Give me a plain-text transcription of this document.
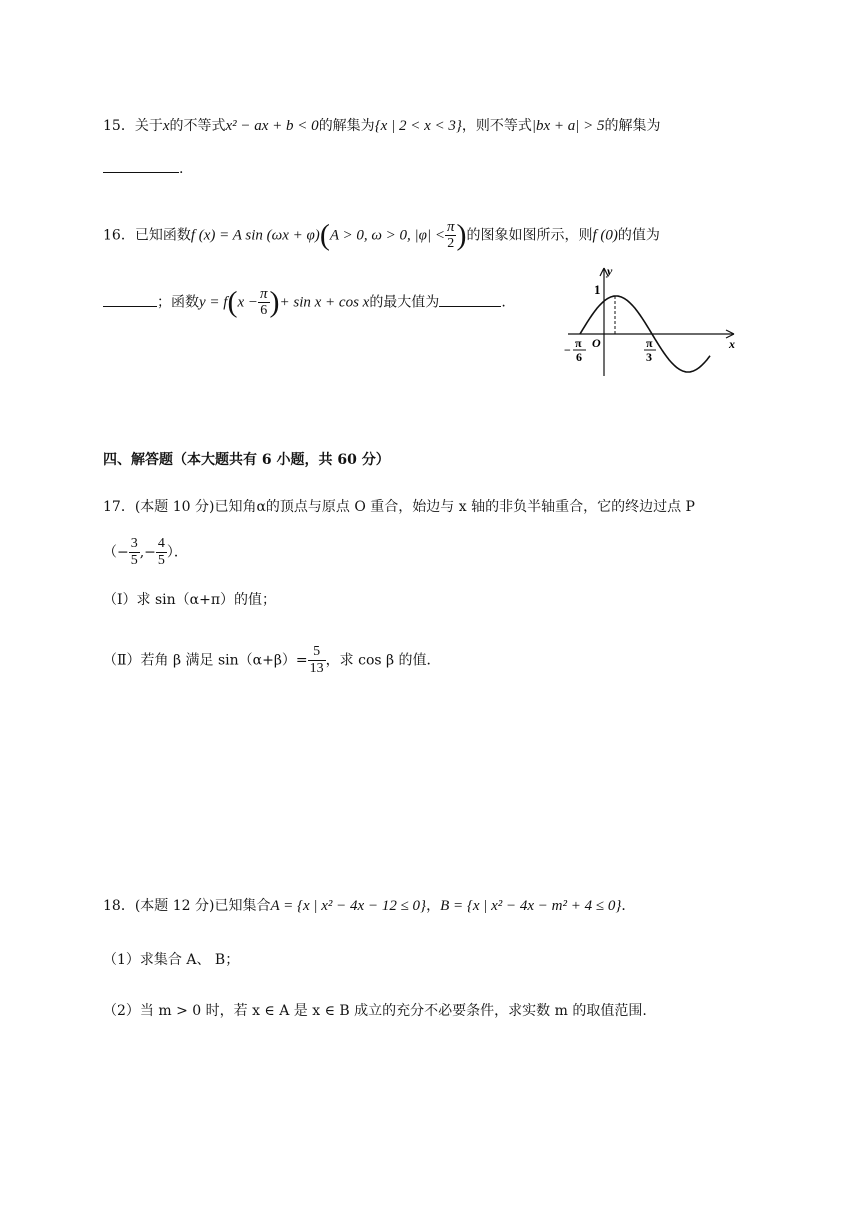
15．关于x的不等式x² − ax + b < 0的解集为{x | 2 < x < 3}，则不等式|bx + a| > 5的解集为
.
16．已知函数f (x) = A sin (ωx + φ)(A > 0, ω > 0, $|\varphi| < \frac{\pi}{2}$ )的图象如图所示，则f (0)的值为
；函数$y = f(x - \frac{\pi}{6}$ )+ sin x + cos x的最大值为	.
y
x
1
O
− π
6
π
3
四、解答题（本大题共有 6 小题，共 60 分）
17．(本题 10 分)已知角α的顶点与原点 O 重合，始边与 x 轴的非负半轴重合，它的终边过点 P
（− $\frac{3}{5}$ ,− $\frac{4}{5}$ ）．
（Ⅰ）求 sin（α+π）的值；
（Ⅱ）若角 β 满足 $\sin(\alpha+\beta)= \frac{5}{13}$ ，求 cos β 的值．
18．(本题 12 分)已知集合A = {x | x² − 4x − 12 ≤ 0}，B = {x | x² − 4x − m² + 4 ≤ 0}．
（1）求集合 A、 B；
（2）当 m > 0 时，若 x ∈ A 是 x ∈ B 成立的充分不必要条件，求实数 m 的取值范围.
